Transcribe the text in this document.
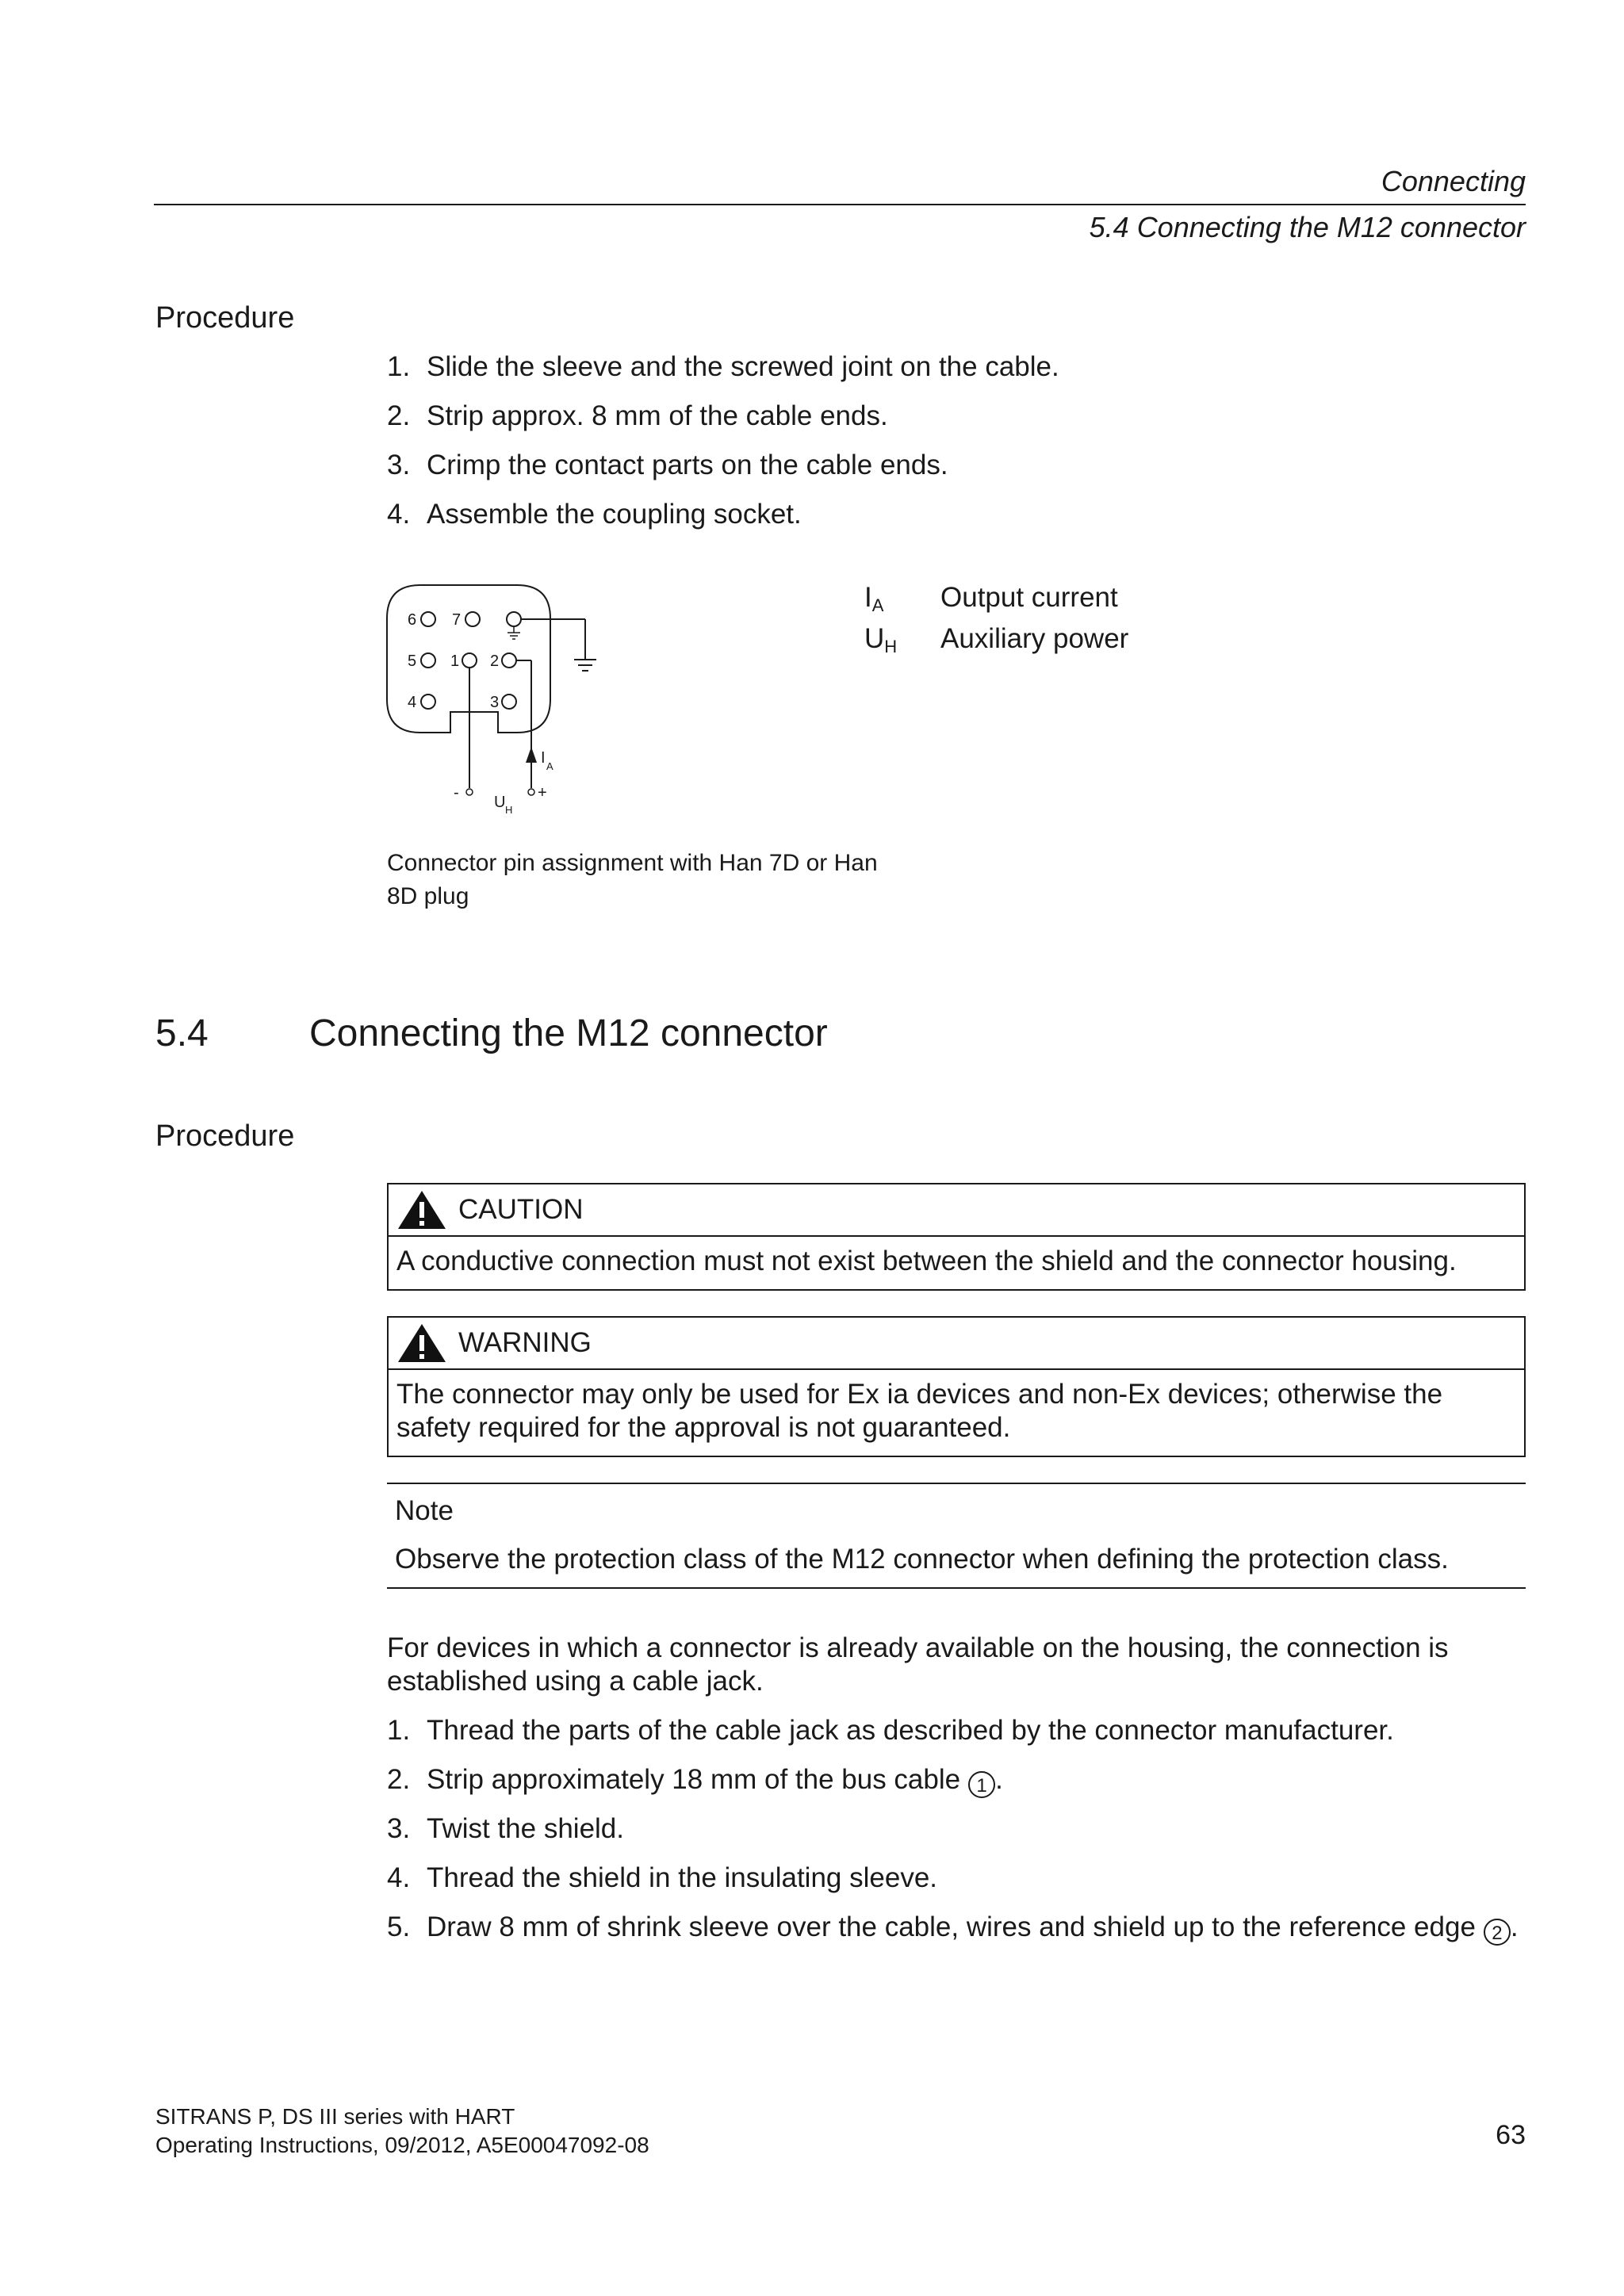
Connecting
5.4 Connecting the M12 connector
Procedure
1. Slide the sleeve and the screwed joint on the cable.
2. Strip approx. 8 mm of the cable ends.
3. Crimp the contact parts on the cable ends.
4. Assemble the coupling socket.
6 7
5 1 2
4	3
-	+
I A
U H
Connector pin assignment with Han 7D or Han 8D plug
$I_A$ Output current
$U_H$ Auxiliary power
5.4	Connecting the M12 connector
Procedure
CAUTION
A conductive connection must not exist between the shield and the connector housing.
WARNING
The connector may only be used for Ex ia devices and non-Ex devices; otherwise the safety required for the approval is not guaranteed.
Note
Observe the protection class of the M12 connector when defining the protection class.
For devices in which a connector is already available on the housing, the connection is established using a cable jack.
1. Thread the parts of the cable jack as described by the connector manufacturer.
2. Strip approximately 18 mm of the bus cable 1 .
3. Twist the shield.
4. Thread the shield in the insulating sleeve.
5. Draw 8 mm of shrink sleeve over the cable, wires and shield up to the reference edge 2 .
SITRANS P, DS III series with HART
Operating Instructions, 09/2012, A5E00047092-08	63
